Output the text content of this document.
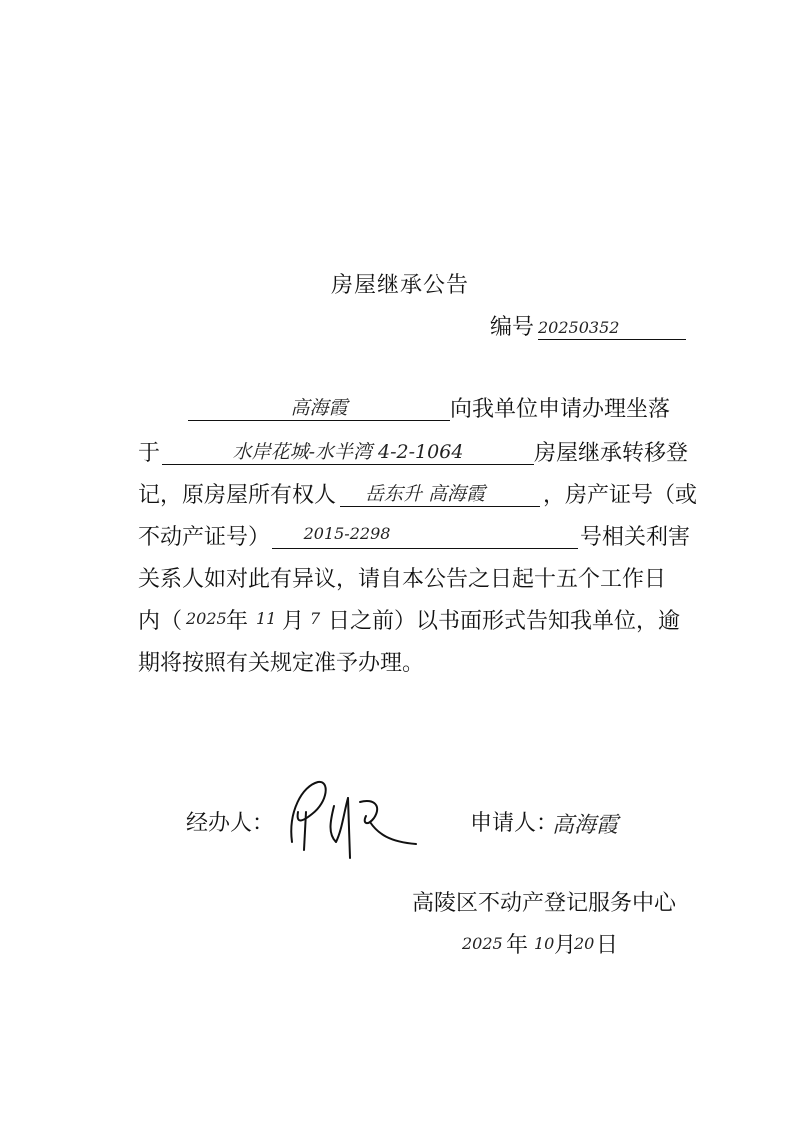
房屋继承公告
编号 20250352
高海霞	向我单位申请办理坐落
于	水岸花城-水半湾 4-2-1064	房屋继承转移登
记，原房屋所有权人	岳东升 高海霞	，房产证号（或
不动产证号）	2015-2298	号相关利害
关系人如对此有异议，请自本公告之日起十五个工作日
内（ 2025 年 11 月 7 日之前）以书面形式告知我单位，逾
期将按照有关规定准予办理。
经办人：	申请人：
高海霞
高陵区不动产登记服务中心
2025 年 10 月
20 日
